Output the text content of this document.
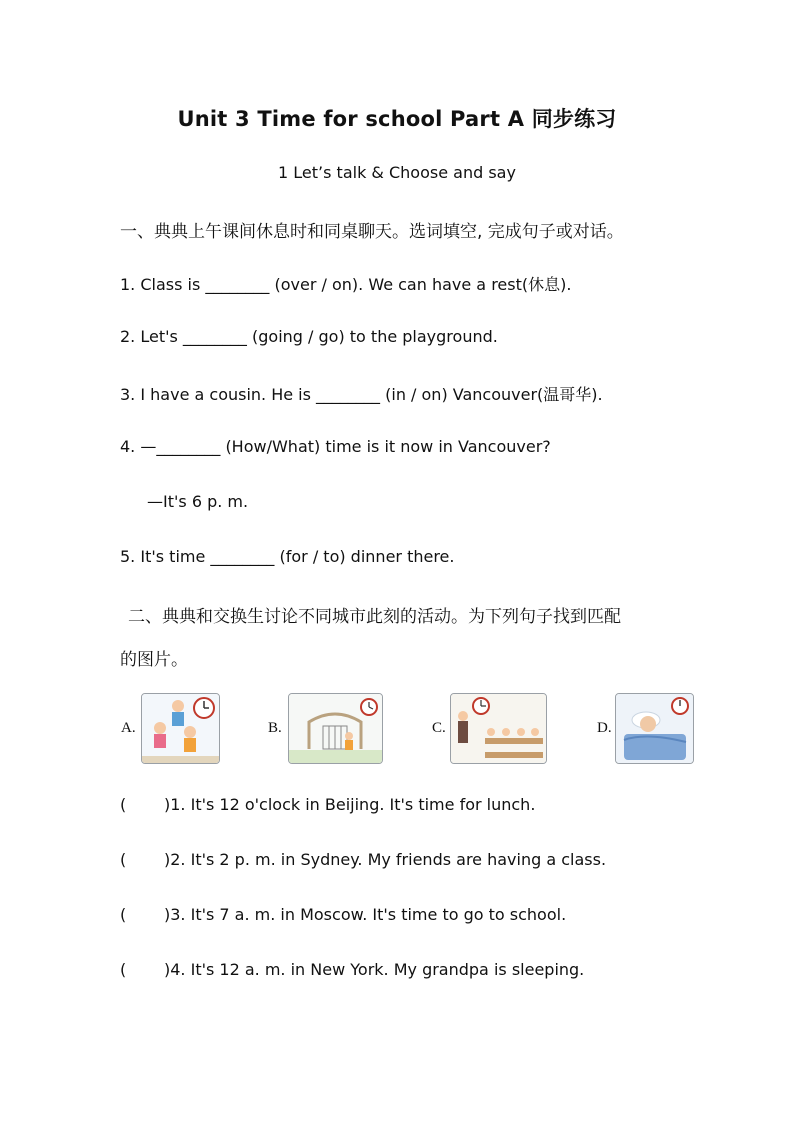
Unit 3 Time for school Part A 同步练习
1 Let’s talk & Choose and say
一、典典上午课间休息时和同桌聊天。选词填空, 完成句子或对话。
1. Class is ________ (over / on). We can have a rest(休息).
2. Let's ________ (going / go) to the playground.
3. I have a cousin. He is ________ (in / on) Vancouver(温哥华).
4. —________ (How/What) time is it now in Vancouver?
—It's 6 p. m.
5. It's time ________ (for / to) dinner there.
二、典典和交换生讨论不同城市此刻的活动。为下列句子找到匹配
的图片。
A.	B.	C.	D.
( )1. It's 12 o'clock in Beijing. It's time for lunch.
( )2. It's 2 p. m. in Sydney. My friends are having a class.
( )3. It's 7 a. m. in Moscow. It's time to go to school.
( )4. It's 12 a. m. in New York. My grandpa is sleeping.
